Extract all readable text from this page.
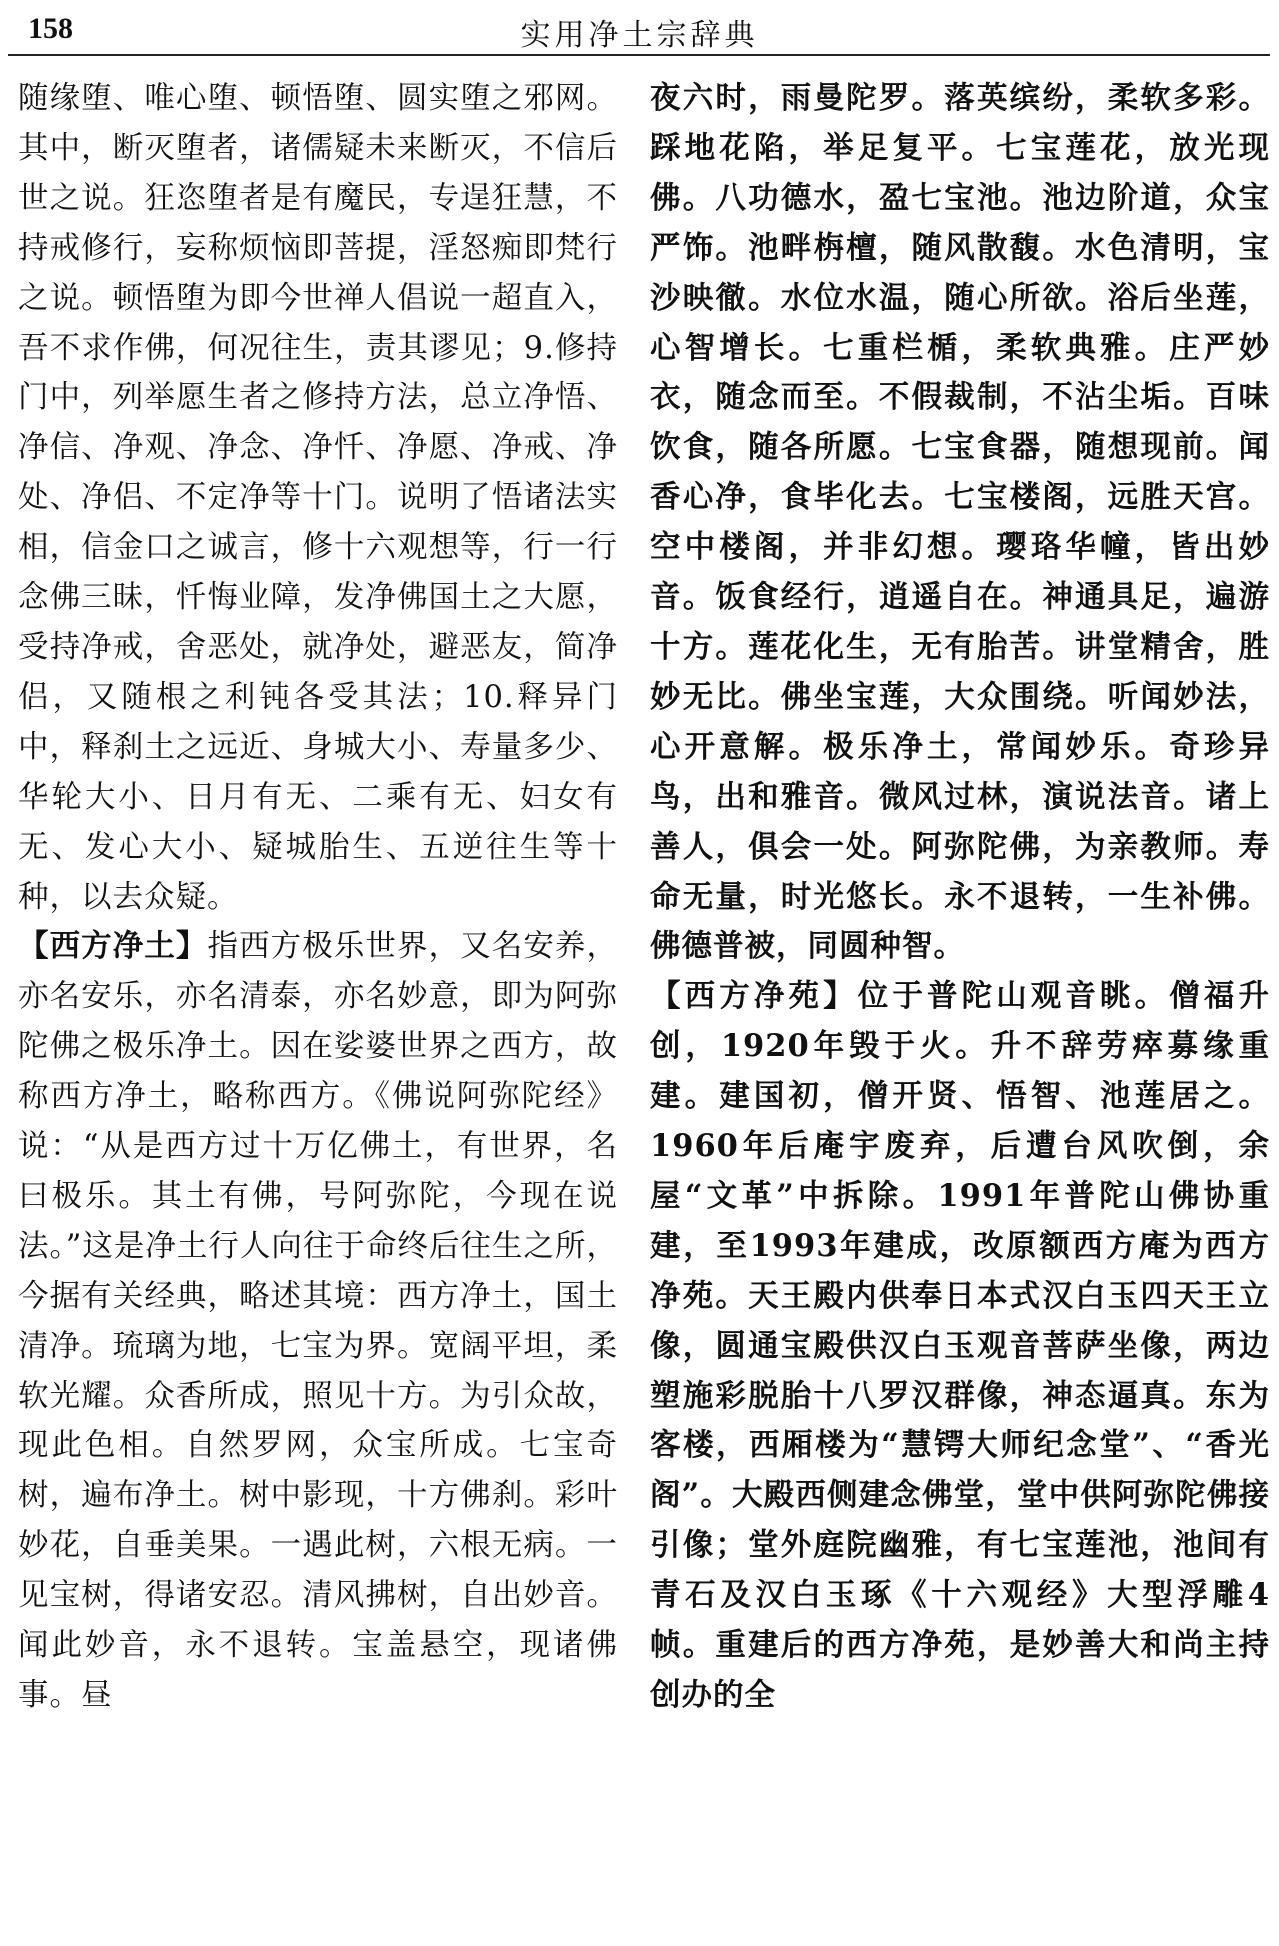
158	实用净土宗辞典

随缘堕、唯心堕、顿悟堕、圆实堕之邪网。其中，断灭堕者，诸儒疑未来断灭，不信后世之说。狂恣堕者是有魔民，专逞狂慧，不持戒修行，妄称烦恼即菩提，淫怒痴即梵行之说。顿悟堕为即今世禅人倡说一超直入，吾不求作佛，何况往生，责其谬见；9.修持门中，列举愿生者之修持方法，总立净悟、净信、净观、净念、净忏、净愿、净戒、净处、净侣、不定净等十门。说明了悟诸法实相，信金口之诚言，修十六观想等，行一行念佛三昧，忏悔业障，发净佛国土之大愿，受持净戒，舍恶处，就净处，避恶友，简净侣，又随根之利钝各受其法；10.释异门中，释刹土之远近、身城大小、寿量多少、华轮大小、日月有无、二乘有无、妇女有无、发心大小、疑城胎生、五逆往生等十种，以去众疑。

【西方净土】指西方极乐世界，又名安养，亦名安乐，亦名清泰，亦名妙意，即为阿弥陀佛之极乐净土。因在娑婆世界之西方，故称西方净土，略称西方。《佛说阿弥陀经》说：“从是西方过十万亿佛土，有世界，名曰极乐。其土有佛，号阿弥陀，今现在说法。”这是净土行人向往于命终后往生之所，今据有关经典，略述其境：西方净土，国土清净。琉璃为地，七宝为界。宽阔平坦，柔软光耀。众香所成，照见十方。为引众故，现此色相。自然罗网，众宝所成。七宝奇树，遍布净土。树中影现，十方佛刹。彩叶妙花，自垂美果。一遇此树，六根无病。一见宝树，得诸安忍。清风拂树，自出妙音。闻此妙音，永不退转。宝盖悬空，现诸佛事。昼

夜六时，雨曼陀罗。落英缤纷，柔软多彩。踩地花陷，举足复平。七宝莲花，放光现佛。八功德水，盈七宝池。池边阶道，众宝严饰。池畔栴檀，随风散馥。水色清明，宝沙映徹。水位水温，随心所欲。浴后坐莲，心智增长。七重栏楯，柔软典雅。庄严妙衣，随念而至。不假裁制，不沾尘垢。百味饮食，随各所愿。七宝食器，随想现前。闻香心净，食毕化去。七宝楼阁，远胜天宫。空中楼阁，并非幻想。璎珞华幢，皆出妙音。饭食经行，逍遥自在。神通具足，遍游十方。莲花化生，无有胎苦。讲堂精舍，胜妙无比。佛坐宝莲，大众围绕。听闻妙法，心开意解。极乐净土，常闻妙乐。奇珍异鸟，出和雅音。微风过林，演说法音。诸上善人，俱会一处。阿弥陀佛，为亲教师。寿命无量，时光悠长。永不退转，一生补佛。佛德普被，同圆种智。

【西方净苑】位于普陀山观音眺。僧福升创，1920年毁于火。升不辞劳瘁募缘重建。建国初，僧开贤、悟智、池莲居之。1960年后庵宇废弃，后遭台风吹倒，余屋“文革”中拆除。1991年普陀山佛协重建，至1993年建成，改原额西方庵为西方净苑。天王殿内供奉日本式汉白玉四天王立像，圆通宝殿供汉白玉观音菩萨坐像，两边塑施彩脱胎十八罗汉群像，神态逼真。东为客楼，西厢楼为“慧锷大师纪念堂”、“香光阁”。大殿西侧建念佛堂，堂中供阿弥陀佛接引像；堂外庭院幽雅，有七宝莲池，池间有青石及汉白玉琢《十六观经》大型浮雕4帧。重建后的西方净苑，是妙善大和尚主持创办的全
